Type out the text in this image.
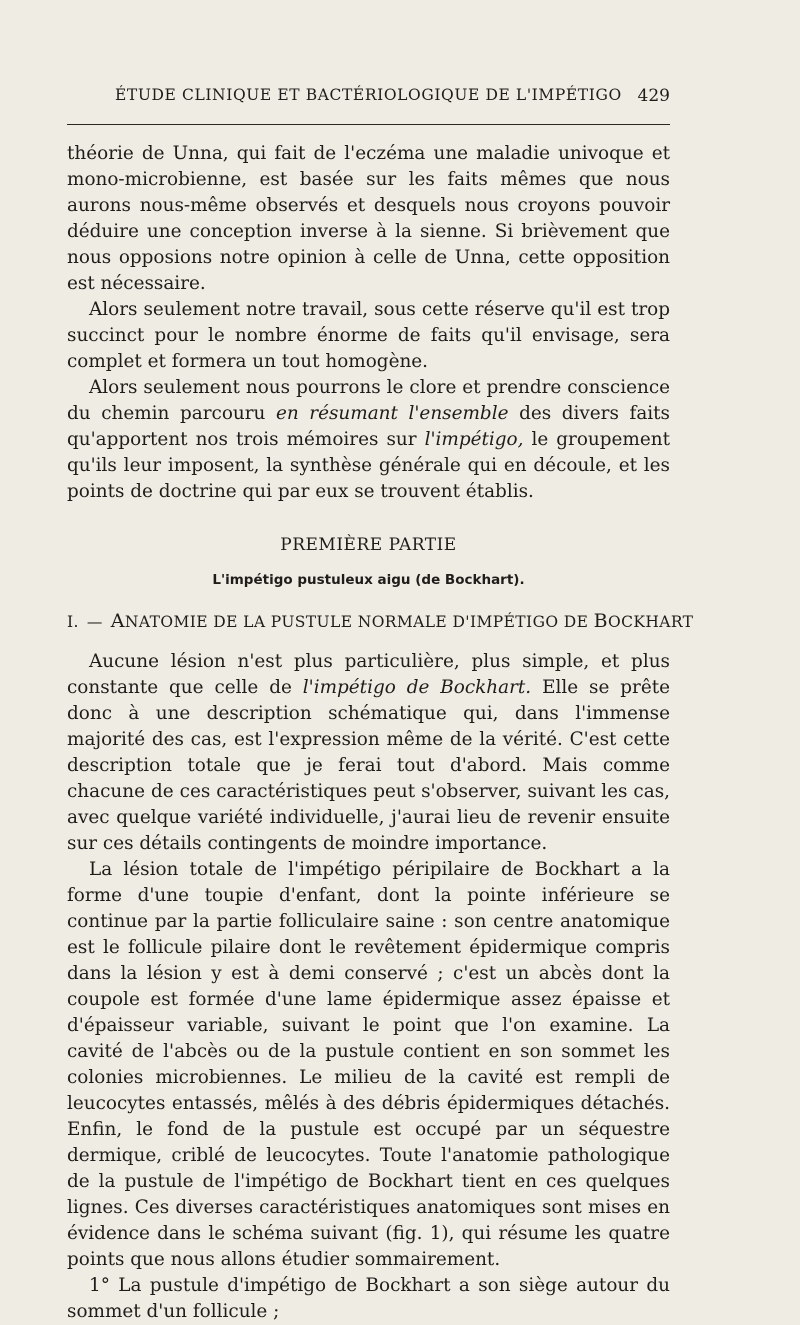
ÉTUDE CLINIQUE ET BACTÉRIOLOGIQUE DE L'IMPÉTIGO 429

théorie de Unna, qui fait de l'eczéma une maladie univoque et mono-microbienne, est basée sur les faits mêmes que nous aurons nous-même observés et desquels nous croyons pouvoir déduire une conception inverse à la sienne. Si brièvement que nous opposions notre opinion à celle de Unna, cette opposition est nécessaire.

Alors seulement notre travail, sous cette réserve qu'il est trop succinct pour le nombre énorme de faits qu'il envisage, sera complet et formera un tout homogène.

Alors seulement nous pourrons le clore et prendre conscience du chemin parcouru en résumant l'ensemble des divers faits qu'apportent nos trois mémoires sur l'impétigo, le groupement qu'ils leur imposent, la synthèse générale qui en découle, et les points de doctrine qui par eux se trouvent établis.

PREMIÈRE PARTIE
L'impétigo pustuleux aigu (de Bockhart).
I. — ANATOMIE DE LA PUSTULE NORMALE D'IMPÉTIGO DE BOCKHART

Aucune lésion n'est plus particulière, plus simple, et plus constante que celle de l'impétigo de Bockhart. Elle se prête donc à une description schématique qui, dans l'immense majorité des cas, est l'expression même de la vérité. C'est cette description totale que je ferai tout d'abord. Mais comme chacune de ces caractéristiques peut s'observer, suivant les cas, avec quelque variété individuelle, j'aurai lieu de revenir ensuite sur ces détails contingents de moindre importance.

La lésion totale de l'impétigo péripilaire de Bockhart a la forme d'une toupie d'enfant, dont la pointe inférieure se continue par la partie folliculaire saine : son centre anatomique est le follicule pilaire dont le revêtement épidermique compris dans la lésion y est à demi conservé ; c'est un abcès dont la coupole est formée d'une lame épidermique assez épaisse et d'épaisseur variable, suivant le point que l'on examine. La cavité de l'abcès ou de la pustule contient en son sommet les colonies microbiennes. Le milieu de la cavité est rempli de leucocytes entassés, mêlés à des débris épidermiques détachés. Enfin, le fond de la pustule est occupé par un séquestre dermique, criblé de leucocytes. Toute l'anatomie pathologique de la pustule de l'impétigo de Bockhart tient en ces quelques lignes. Ces diverses caractéristiques anatomiques sont mises en évidence dans le schéma suivant (fig. 1), qui résume les quatre points que nous allons étudier sommairement.

1° La pustule d'impétigo de Bockhart a son siège autour du sommet d'un follicule ;
